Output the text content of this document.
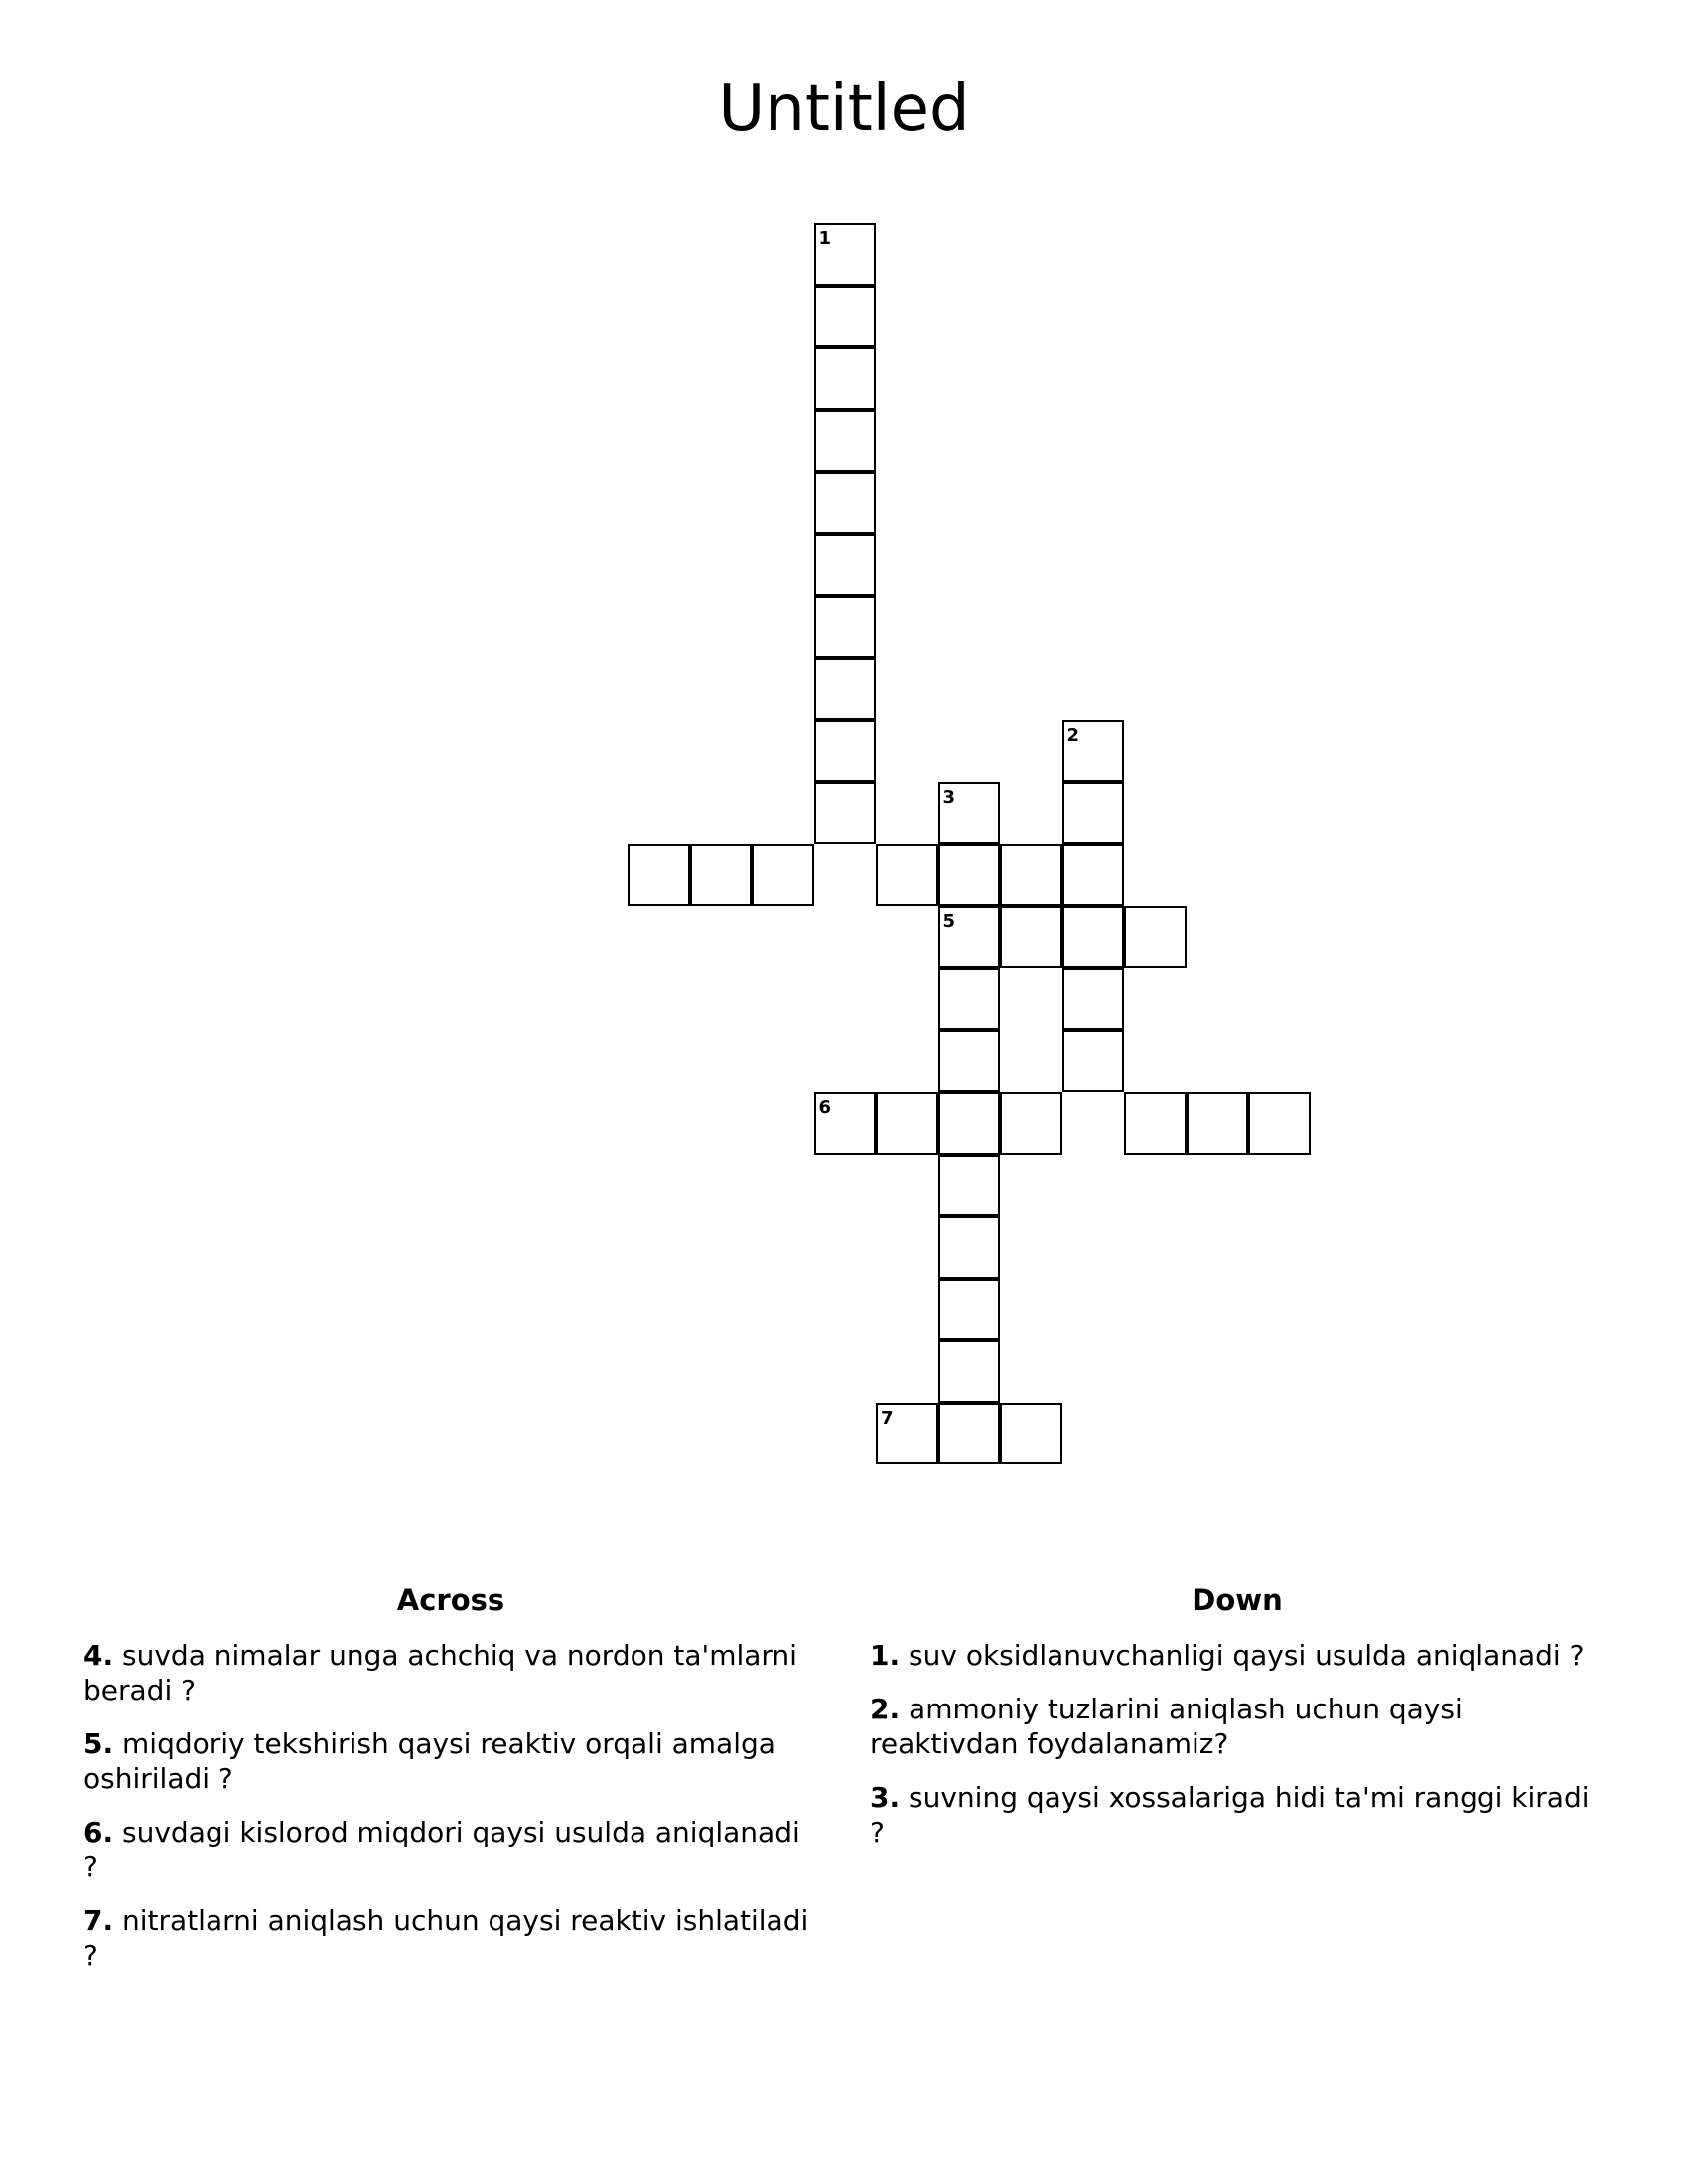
Untitled
1
2
3
5
6
7
Across	Down
4. suvda nimalar unga achchiq va nordon ta'mlarni beradi ?
5. miqdoriy tekshirish qaysi reaktiv orqali amalga oshiriladi ?
6. suvdagi kislorod miqdori qaysi usulda aniqlanadi ?
7. nitratlarni aniqlash uchun qaysi reaktiv ishlatiladi ?
1. suv oksidlanuvchanligi qaysi usulda aniqlanadi ?
2. ammoniy tuzlarini aniqlash uchun qaysi reaktivdan foydalanamiz?
3. suvning qaysi xossalariga hidi ta'mi ranggi kiradi ?
